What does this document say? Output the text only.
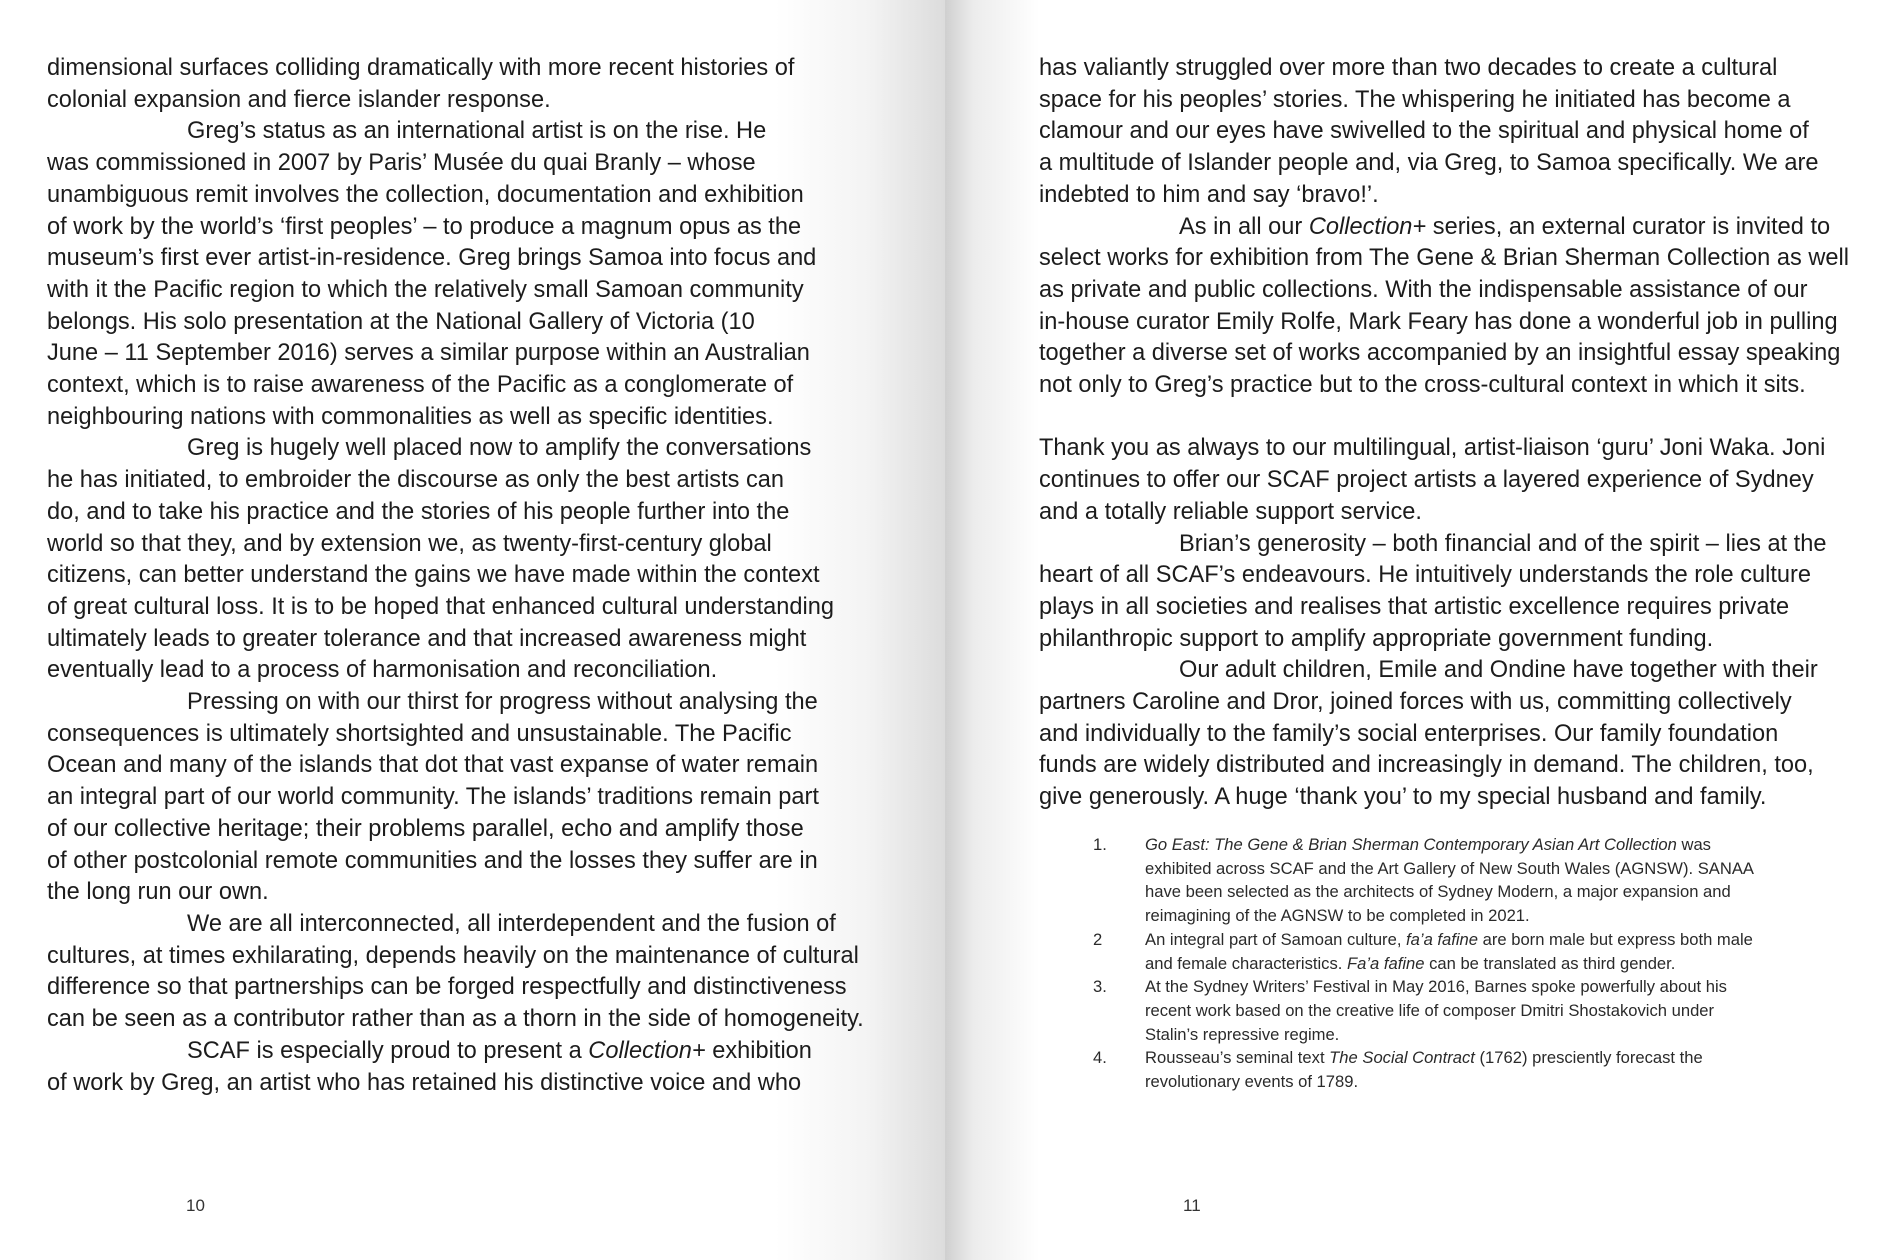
dimensional surfaces colliding dramatically with more recent histories of

colonial expansion and fierce islander response.

Greg’s status as an international artist is on the rise. He

was commissioned in 2007 by Paris’ Musée du quai Branly – whose

unambiguous remit involves the collection, documentation and exhibition

of work by the world’s ‘first peoples’ – to produce a magnum opus as the

museum’s first ever artist-in-residence. Greg brings Samoa into focus and

with it the Pacific region to which the relatively small Samoan community

belongs. His solo presentation at the National Gallery of Victoria (10

June – 11 September 2016) serves a similar purpose within an Australian

context, which is to raise awareness of the Pacific as a conglomerate of

neighbouring nations with commonalities as well as specific identities.

Greg is hugely well placed now to amplify the conversations

he has initiated, to embroider the discourse as only the best artists can

do, and to take his practice and the stories of his people further into the

world so that they, and by extension we, as twenty-first-century global

citizens, can better understand the gains we have made within the context

of great cultural loss. It is to be hoped that enhanced cultural understanding

ultimately leads to greater tolerance and that increased awareness might

eventually lead to a process of harmonisation and reconciliation.

Pressing on with our thirst for progress without analysing the

consequences is ultimately shortsighted and unsustainable. The Pacific

Ocean and many of the islands that dot that vast expanse of water remain

an integral part of our world community. The islands’ traditions remain part

of our collective heritage; their problems parallel, echo and amplify those

of other postcolonial remote communities and the losses they suffer are in

the long run our own.

We are all interconnected, all interdependent and the fusion of

cultures, at times exhilarating, depends heavily on the maintenance of cultural

difference so that partnerships can be forged respectfully and distinctiveness

can be seen as a contributor rather than as a thorn in the side of homogeneity.

SCAF is especially proud to present a Collection+ exhibition

of work by Greg, an artist who has retained his distinctive voice and who

10

has valiantly struggled over more than two decades to create a cultural

space for his peoples’ stories. The whispering he initiated has become a

clamour and our eyes have swivelled to the spiritual and physical home of

a multitude of Islander people and, via Greg, to Samoa specifically. We are

indebted to him and say ‘bravo!’.

As in all our Collection+ series, an external curator is invited to

select works for exhibition from The Gene & Brian Sherman Collection as well

as private and public collections. With the indispensable assistance of our

in-house curator Emily Rolfe, Mark Feary has done a wonderful job in pulling

together a diverse set of works accompanied by an insightful essay speaking

not only to Greg’s practice but to the cross-cultural context in which it sits.

Thank you as always to our multilingual, artist-liaison ‘guru’ Joni Waka. Joni

continues to offer our SCAF project artists a layered experience of Sydney

and a totally reliable support service.

Brian’s generosity – both financial and of the spirit – lies at the

heart of all SCAF’s endeavours. He intuitively understands the role culture

plays in all societies and realises that artistic excellence requires private

philanthropic support to amplify appropriate government funding.

Our adult children, Emile and Ondine have together with their

partners Caroline and Dror, joined forces with us, committing collectively

and individually to the family’s social enterprises. Our family foundation

funds are widely distributed and increasingly in demand. The children, too,

give generously. A huge ‘thank you’ to my special husband and family.

1.	Go East: The Gene & Brian Sherman Contemporary Asian Art Collection was
exhibited across SCAF and the Art Gallery of New South Wales (AGNSW). SANAA
have been selected as the architects of Sydney Modern, a major expansion and
reimagining of the AGNSW to be completed in 2021.
2	An integral part of Samoan culture, fa’a fafine are born male but express both male
and female characteristics. Fa’a fafine can be translated as third gender.
3.	At the Sydney Writers’ Festival in May 2016, Barnes spoke powerfully about his
recent work based on the creative life of composer Dmitri Shostakovich under
Stalin’s repressive regime.
4.	Rousseau’s seminal text The Social Contract (1762) presciently forecast the
revolutionary events of 1789.
11
